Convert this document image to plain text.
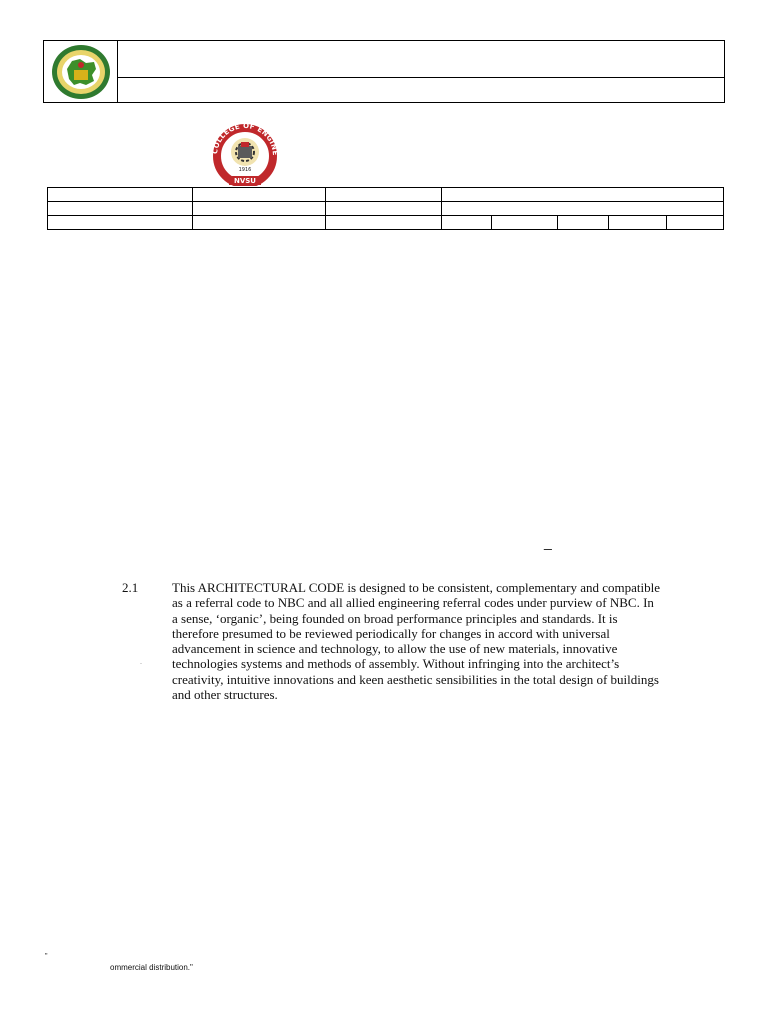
COLLEGE OF ENGINE
NVSU
1916

_
2.1	This ARCHITECTURAL CODE is designed to be consistent, complementary and compatible
as a referral code to NBC and all allied engineering referral codes under purview of NBC. In
a sense, ‘organic’, being founded on broad performance principles and standards. It is
therefore presumed to be reviewed periodically for changes in accord with universal
advancement in science and technology, to allow the use of new materials, innovative
technologies systems and methods of assembly. Without infringing into the architect’s
creativity, intuitive innovations and keen aesthetic sensibilities in the total design of buildings
and other structures.
-
"
ommercial distribution."
